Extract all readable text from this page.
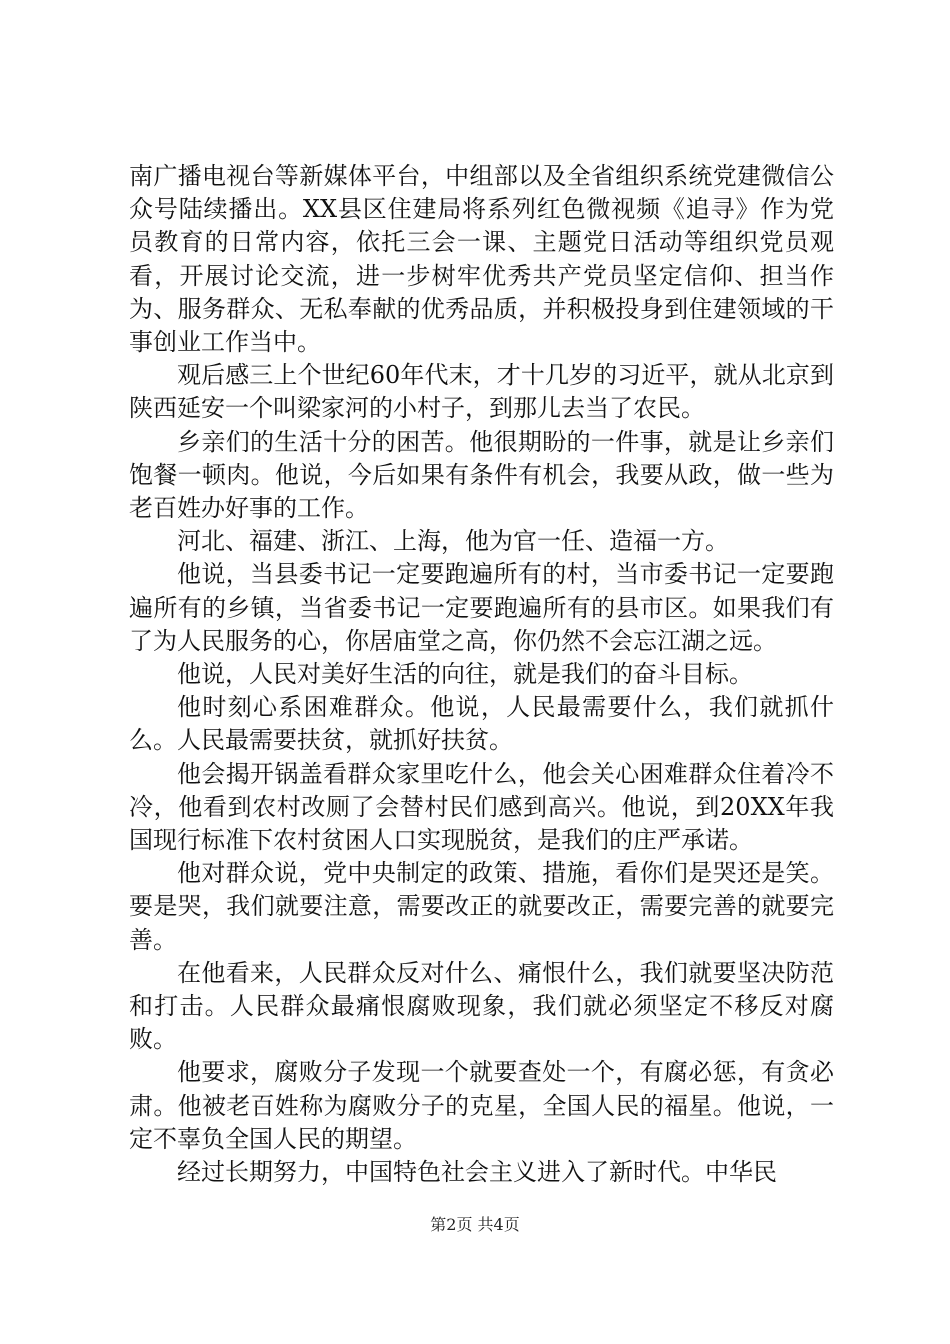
南广播电视台等新媒体平台，中组部以及全省组织系统党建微信公众号陆续播出。XX县区住建局将系列红色微视频《追寻》作为党员教育的日常内容，依托三会一课、主题党日活动等组织党员观看，开展讨论交流，进一步树牢优秀共产党员坚定信仰、担当作为、服务群众、无私奉献的优秀品质，并积极投身到住建领域的干事创业工作当中。

观后感三上个世纪60年代末，才十几岁的习近平，就从北京到陕西延安一个叫梁家河的小村子，到那儿去当了农民。

乡亲们的生活十分的困苦。他很期盼的一件事，就是让乡亲们饱餐一顿肉。他说，今后如果有条件有机会，我要从政，做一些为老百姓办好事的工作。

河北、福建、浙江、上海，他为官一任、造福一方。

他说，当县委书记一定要跑遍所有的村，当市委书记一定要跑遍所有的乡镇，当省委书记一定要跑遍所有的县市区。如果我们有了为人民服务的心，你居庙堂之高，你仍然不会忘江湖之远。

他说，人民对美好生活的向往，就是我们的奋斗目标。

他时刻心系困难群众。他说，人民最需要什么，我们就抓什么。人民最需要扶贫，就抓好扶贫。

他会揭开锅盖看群众家里吃什么，他会关心困难群众住着冷不冷，他看到农村改厕了会替村民们感到高兴。他说，到20XX年我国现行标准下农村贫困人口实现脱贫，是我们的庄严承诺。

他对群众说，党中央制定的政策、措施，看你们是哭还是笑。要是哭，我们就要注意，需要改正的就要改正，需要完善的就要完善。

在他看来，人民群众反对什么、痛恨什么，我们就要坚决防范和打击。人民群众最痛恨腐败现象，我们就必须坚定不移反对腐败。

他要求，腐败分子发现一个就要查处一个，有腐必惩，有贪必肃。他被老百姓称为腐败分子的克星，全国人民的福星。他说，一定不辜负全国人民的期望。

经过长期努力，中国特色社会主义进入了新时代。中华民

第2页 共4页
